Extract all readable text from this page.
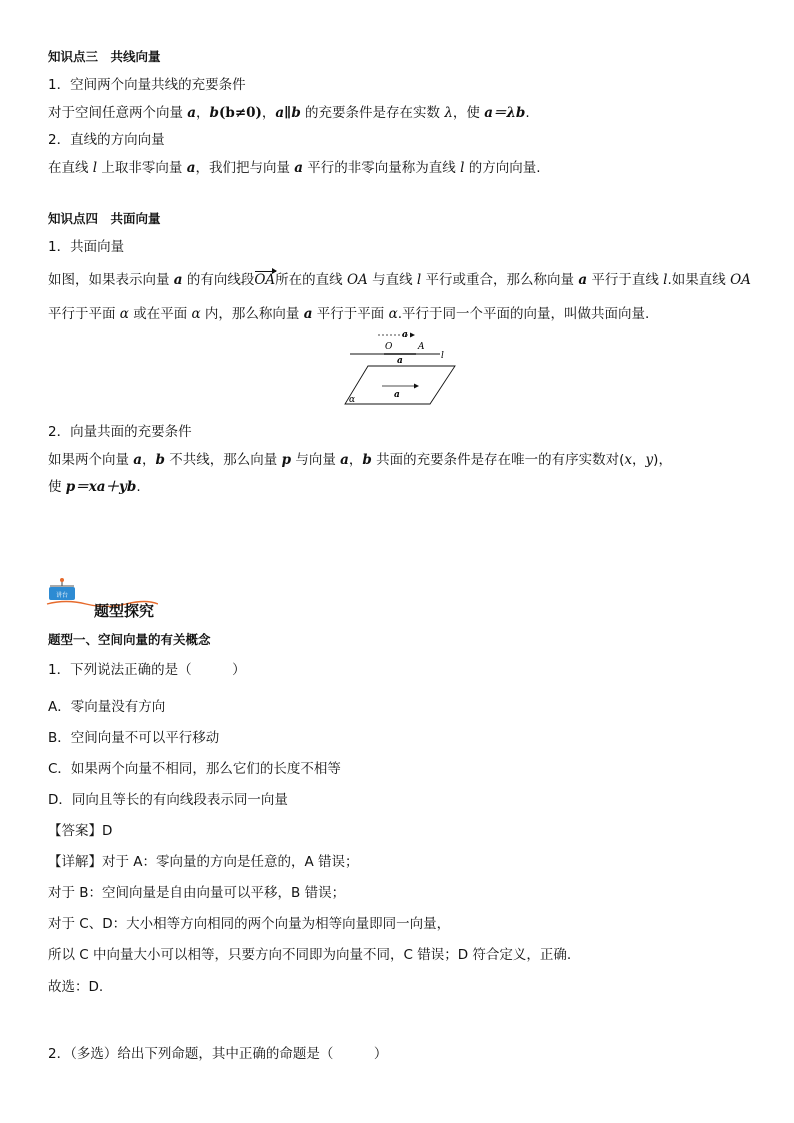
知识点三　共线向量
1．空间两个向量共线的充要条件
对于空间任意两个向量 a，b(b≠0)，a∥b 的充要条件是存在实数 λ，使 a＝λb.
2．直线的方向向量
在直线 l 上取非零向量 a，我们把与向量 a 平行的非零向量称为直线 l 的方向向量.
知识点四　共面向量
1．共面向量
如图，如果表示向量 a 的有向线段OA所在的直线 OA 与直线 l 平行或重合，那么称向量 a 平行于直线 l.如果直线 OA
平行于平面 α 或在平面 α 内，那么称向量 a 平行于平面 α.平行于同一个平面的向量，叫做共面向量.
a
O	A
a	l
a
α
2．向量共面的充要条件
如果两个向量 a，b 不共线，那么向量 p 与向量 a，b 共面的充要条件是存在唯一的有序实数对(x，y)，
使 p＝xa＋yb.
讲台
题型探究
题型一、空间向量的有关概念
1．下列说法正确的是（　　　）
A．零向量没有方向
B．空间向量不可以平行移动
C．如果两个向量不相同，那么它们的长度不相等
D．同向且等长的有向线段表示同一向量
【答案】D
【详解】对于 A：零向量的方向是任意的，A 错误；
对于 B：空间向量是自由向量可以平移，B 错误；
对于 C、D：大小相等方向相同的两个向量为相等向量即同一向量，
所以 C 中向量大小可以相等，只要方向不同即为向量不同，C 错误；D 符合定义，正确.
故选：D.
2．（多选）给出下列命题，其中正确的命题是（　　　）
